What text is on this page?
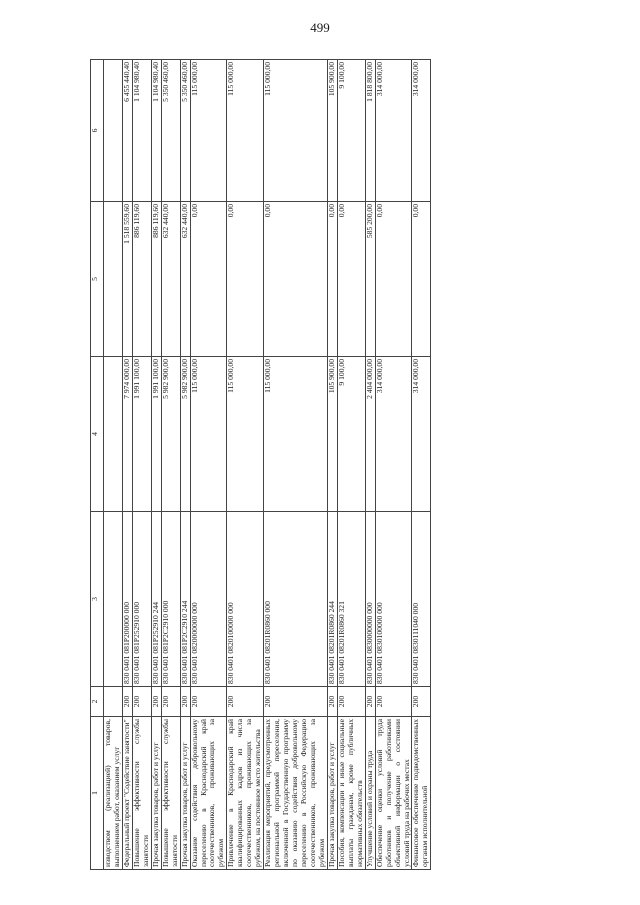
499
1	2	3	4	5	6
изводством (реализацией) товаров, выполнением работ, оказанием услуг					
Федеральный проект "Содействие занятости"	200	830 0401 081P200000 000	7 974 000,00	1 518 559,60	6 455 440,40
Повышение эффективности службы занятости	200	830 0401 081P252910 000	1 991 100,00	886 119,60	1 104 980,40
Прочая закупка товаров, работ и услуг	200	830 0401 081P252910 244	1 991 100,00	886 119,60	1 104 980,40
Повышение эффективности службы занятости	200	830 0401 081P2C2910 000	5 982 900,00	632 440,00	5 350 460,00
Прочая закупка товаров, работ и услуг	200	830 0401 081P2C2910 244	5 982 900,00	632 440,00	5 350 460,00
Оказание содействия добровольному переселению в Краснодарский край соотечественников, проживающих за рубежом	200	830 0401 0820000000 000	115 000,00	0,00	115 000,00
Привлечение в Краснодарский край квалифицированных кадров из числа соотечественников, проживающих за рубежом, на постоянное место жительства	200	830 0401 0820100000 000	115 000,00	0,00	115 000,00
Реализация мероприятий, предусмотренных региональной программой переселения, включенной в Государственную программу по оказанию содействия добровольному переселению в Российскую Федерацию соотечественников, проживающих за рубежом	200	830 0401 08201R0860 000	115 000,00	0,00	115 000,00
Прочая закупка товаров, работ и услуг	200	830 0401 08201R0860 244	105 900,00	0,00	105 900,00
Пособия, компенсации и иные социальные выплаты гражданам, кроме публичных нормативных обязательств	200	830 0401 08201R0860 321	9 100,00	0,00	9 100,00
Улучшение условий и охраны труда	200	830 0401 0830000000 000	2 404 000,00	585 200,00	1 818 800,00
Обеспечение оценки условий труда работников и получение работниками объективной информации о состоянии условий труда на рабочих местах	200	830 0401 0830100000 000	314 000,00	0,00	314 000,00
Финансовое обеспечение подведомственных органам исполнительной	200	830 0401 0830111040 000	314 000,00	0,00	314 000,00
